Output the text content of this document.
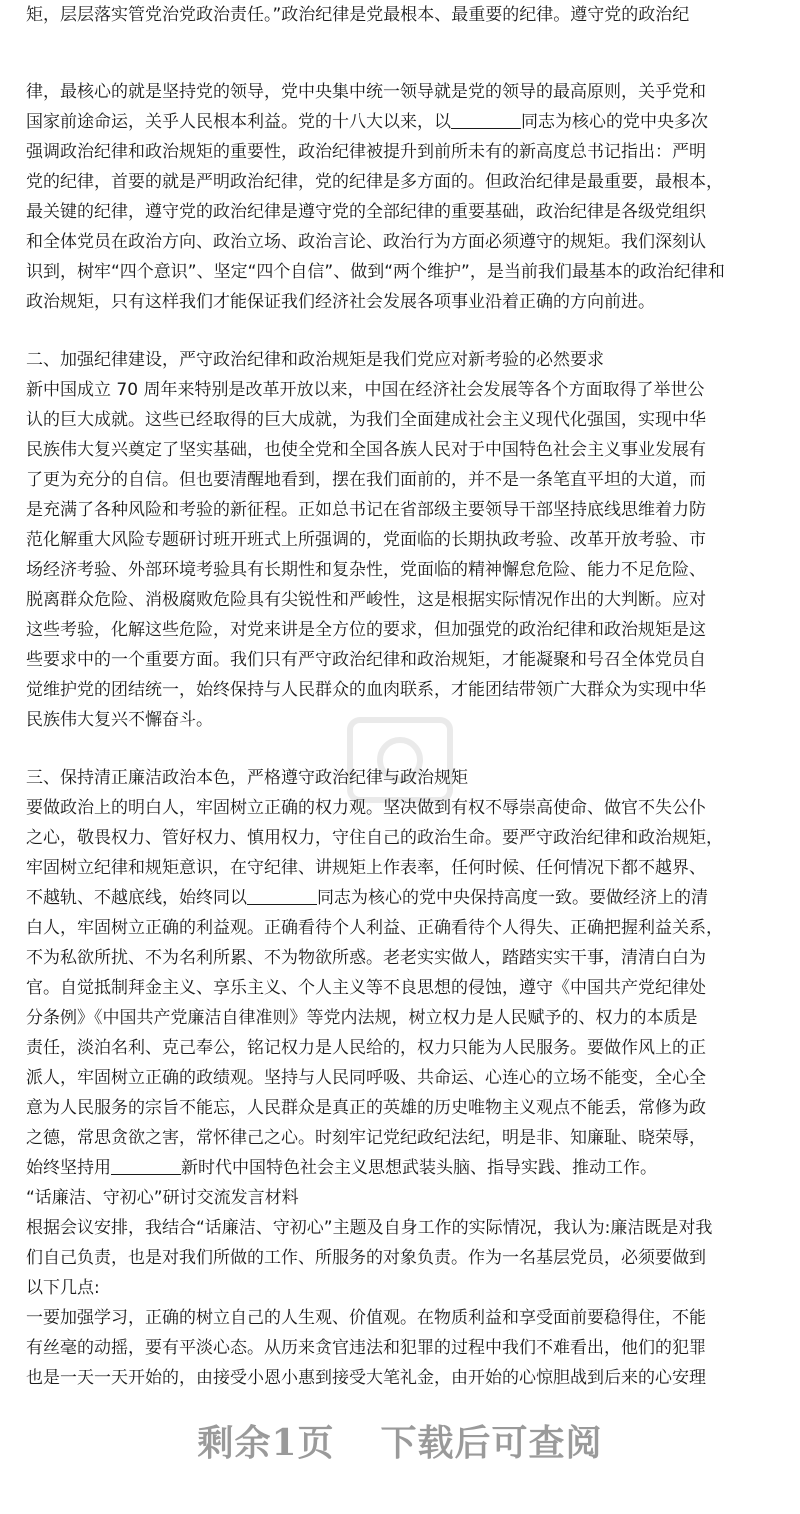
矩，层层落实管党治党政治责任。”政治纪律是党最根本、最重要的纪律。遵守党的政治纪
律，最核心的就是坚持党的领导，党中央集中统一领导就是党的领导的最高原则，关乎党和
国家前途命运，关乎人民根本利益。党的十八大以来，以	同志为核心的党中央多次
强调政治纪律和政治规矩的重要性，政治纪律被提升到前所未有的新高度总书记指出：严明
党的纪律，首要的就是严明政治纪律，党的纪律是多方面的。但政治纪律是最重要，最根本，
最关键的纪律，遵守党的政治纪律是遵守党的全部纪律的重要基础，政治纪律是各级党组织
和全体党员在政治方向、政治立场、政治言论、政治行为方面必须遵守的规矩。我们深刻认
识到，树牢“四个意识”、坚定“四个自信”、做到“两个维护”，是当前我们最基本的政治纪律和
政治规矩，只有这样我们才能保证我们经济社会发展各项事业沿着正确的方向前进。
二、加强纪律建设，严守政治纪律和政治规矩是我们党应对新考验的必然要求
新中国成立 70 周年来特别是改革开放以来，中国在经济社会发展等各个方面取得了举世公
认的巨大成就。这些已经取得的巨大成就，为我们全面建成社会主义现代化强国，实现中华
民族伟大复兴奠定了坚实基础，也使全党和全国各族人民对于中国特色社会主义事业发展有
了更为充分的自信。但也要清醒地看到，摆在我们面前的，并不是一条笔直平坦的大道，而
是充满了各种风险和考验的新征程。正如总书记在省部级主要领导干部坚持底线思维着力防
范化解重大风险专题研讨班开班式上所强调的，党面临的长期执政考验、改革开放考验、市
场经济考验、外部环境考验具有长期性和复杂性，党面临的精神懈怠危险、能力不足危险、
脱离群众危险、消极腐败危险具有尖锐性和严峻性，这是根据实际情况作出的大判断。应对
这些考验，化解这些危险，对党来讲是全方位的要求，但加强党的政治纪律和政治规矩是这
些要求中的一个重要方面。我们只有严守政治纪律和政治规矩，才能凝聚和号召全体党员自
觉维护党的团结统一，始终保持与人民群众的血肉联系，才能团结带领广大群众为实现中华
民族伟大复兴不懈奋斗。
三、保持清正廉洁政治本色，严格遵守政治纪律与政治规矩
要做政治上的明白人，牢固树立正确的权力观。坚决做到有权不辱崇高使命、做官不失公仆
之心，敬畏权力、管好权力、慎用权力，守住自己的政治生命。要严守政治纪律和政治规矩，
牢固树立纪律和规矩意识，在守纪律、讲规矩上作表率，任何时候、任何情况下都不越界、
不越轨、不越底线，始终同以	同志为核心的党中央保持高度一致。要做经济上的清
白人，牢固树立正确的利益观。正确看待个人利益、正确看待个人得失、正确把握利益关系，
不为私欲所扰、不为名利所累、不为物欲所惑。老老实实做人，踏踏实实干事，清清白白为
官。自觉抵制拜金主义、享乐主义、个人主义等不良思想的侵蚀，遵守《中国共产党纪律处
分条例》《中国共产党廉洁自律准则》等党内法规，树立权力是人民赋予的、权力的本质是
责任，淡泊名利、克己奉公，铭记权力是人民给的，权力只能为人民服务。要做作风上的正
派人，牢固树立正确的政绩观。坚持与人民同呼吸、共命运、心连心的立场不能变，全心全
意为人民服务的宗旨不能忘，人民群众是真正的英雄的历史唯物主义观点不能丢，常修为政
之德，常思贪欲之害，常怀律己之心。时刻牢记党纪政纪法纪，明是非、知廉耻、晓荣辱，
始终坚持用	新时代中国特色社会主义思想武装头脑、指导实践、推动工作。
“话廉洁、守初心”研讨交流发言材料
根据会议安排，我结合“话廉洁、守初心”主题及自身工作的实际情况，我认为:廉洁既是对我
们自己负责，也是对我们所做的工作、所服务的对象负责。作为一名基层党员，必须要做到
以下几点:
一要加强学习，正确的树立自己的人生观、价值观。在物质利益和享受面前要稳得住，不能
有丝毫的动摇，要有平淡心态。从历来贪官违法和犯罪的过程中我们不难看出，他们的犯罪
也是一天一天开始的，由接受小恩小惠到接受大笔礼金，由开始的心惊胆战到后来的心安理
剩余1页 下载后可查阅
